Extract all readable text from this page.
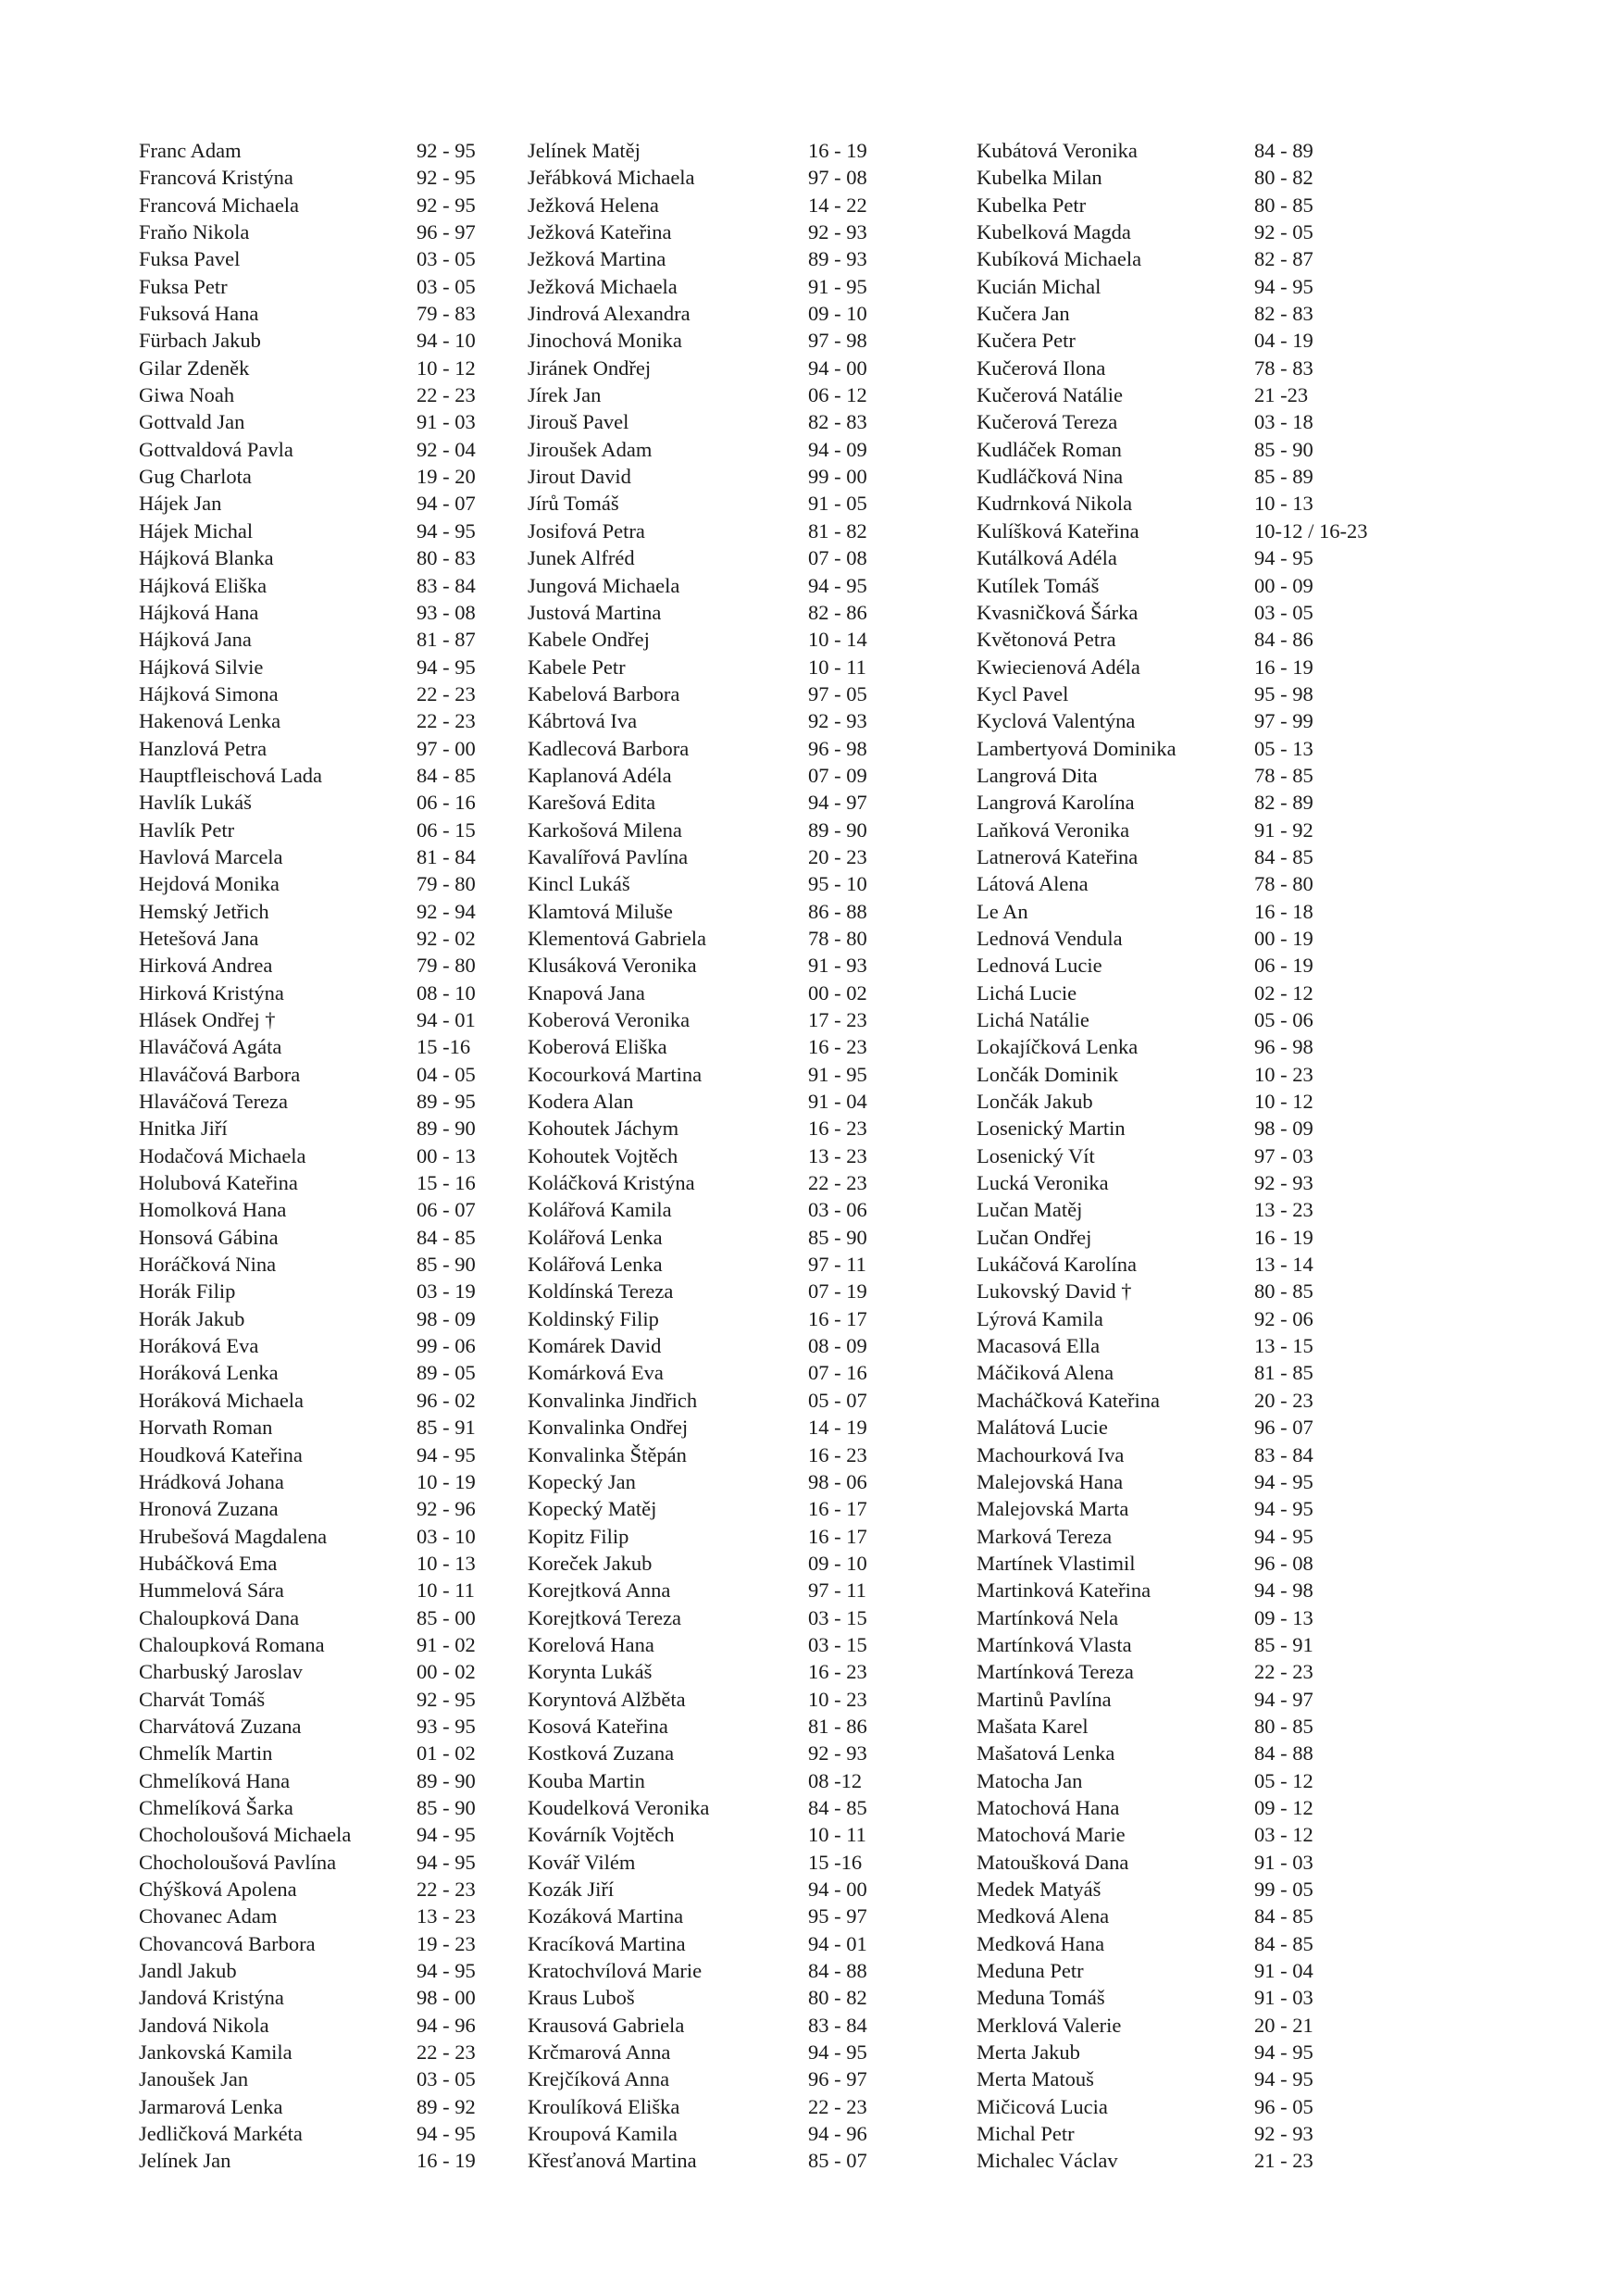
Franc Adam	92 - 95
Francová Kristýna	92 - 95
Francová Michaela	92 - 95
Fraňo Nikola	96 - 97
Fuksa Pavel	03 - 05
Fuksa Petr	03 - 05
Fuksová Hana	79 - 83
Fürbach Jakub	94 - 10
Gilar Zdeněk	10 - 12
Giwa Noah	22 - 23
Gottvald Jan	91 - 03
Gottvaldová Pavla	92 - 04
Gug Charlota	19 - 20
Hájek Jan	94 - 07
Hájek Michal	94 - 95
Hájková Blanka	80 - 83
Hájková Eliška	83 - 84
Hájková Hana	93 - 08
Hájková Jana	81 - 87
Hájková Silvie	94 - 95
Hájková Simona	22 - 23
Hakenová Lenka	22 - 23
Hanzlová Petra	97 - 00
Hauptfleischová Lada	84 - 85
Havlík Lukáš	06 - 16
Havlík Petr	06 - 15
Havlová Marcela	81 - 84
Hejdová Monika	79 - 80
Hemský Jetřich	92 - 94
Hetešová Jana	92 - 02
Hirková Andrea	79 - 80
Hirková Kristýna	08 - 10
Hlásek Ondřej †	94 - 01
Hlaváčová Agáta	15 -16
Hlaváčová Barbora	04 - 05
Hlaváčová Tereza	89 - 95
Hnitka Jiří	89 - 90
Hodačová Michaela	00 - 13
Holubová Kateřina	15 - 16
Homolková Hana	06 - 07
Honsová Gábina	84 - 85
Horáčková Nina	85 - 90
Horák Filip	03 - 19
Horák Jakub	98 - 09
Horáková Eva	99 - 06
Horáková Lenka	89 - 05
Horáková Michaela	96 - 02
Horvath Roman	85 - 91
Houdková Kateřina	94 - 95
Hrádková Johana	10 - 19
Hronová Zuzana	92 - 96
Hrubešová Magdalena	03 - 10
Hubáčková Ema	10 - 13
Hummelová Sára	10 - 11
Chaloupková Dana	85 - 00
Chaloupková Romana	91 - 02
Charbuský Jaroslav	00 - 02
Charvát Tomáš	92 - 95
Charvátová Zuzana	93 - 95
Chmelík Martin	01 - 02
Chmelíková Hana	89 - 90
Chmelíková Šarka	85 - 90
Chocholoušová Michaela	94 - 95
Chocholoušová Pavlína	94 - 95
Chýšková Apolena	22 - 23
Chovanec Adam	13 - 23
Chovancová Barbora	19 - 23
Jandl Jakub	94 - 95
Jandová Kristýna	98 - 00
Jandová Nikola	94 - 96
Jankovská Kamila	22 - 23
Janoušek Jan	03 - 05
Jarmarová Lenka	89 - 92
Jedličková Markéta	94 - 95
Jelínek Jan	16 - 19
Jelínek Matěj	16 - 19
Jeřábková Michaela	97 - 08
Ježková Helena	14 - 22
Ježková Kateřina	92 - 93
Ježková Martina	89 - 93
Ježková Michaela	91 - 95
Jindrová Alexandra	09 - 10
Jinochová Monika	97 - 98
Jiránek Ondřej	94 - 00
Jírek Jan	06 - 12
Jirouš Pavel	82 - 83
Jiroušek Adam	94 - 09
Jirout David	99 - 00
Jírů Tomáš	91 - 05
Josifová Petra	81 - 82
Junek Alfréd	07 - 08
Jungová Michaela	94 - 95
Justová Martina	82 - 86
Kabele Ondřej	10 - 14
Kabele Petr	10 - 11
Kabelová Barbora	97 - 05
Kábrtová Iva	92 - 93
Kadlecová Barbora	96 - 98
Kaplanová Adéla	07 - 09
Karešová Edita	94 - 97
Karkošová Milena	89 - 90
Kavalířová Pavlína	20 - 23
Kincl Lukáš	95 - 10
Klamtová Miluše	86 - 88
Klementová Gabriela	78 - 80
Klusáková Veronika	91 - 93
Knapová Jana	00 - 02
Koberová Veronika	17 - 23
Koberová Eliška	16 - 23
Kocourková Martina	91 - 95
Kodera Alan	91 - 04
Kohoutek Jáchym	16 - 23
Kohoutek Vojtěch	13 - 23
Koláčková Kristýna	22 - 23
Kolářová Kamila	03 - 06
Kolářová Lenka	85 - 90
Kolářová Lenka	97 - 11
Koldínská Tereza	07 - 19
Koldinský Filip	16 - 17
Komárek David	08 - 09
Komárková Eva	07 - 16
Konvalinka Jindřich	05 - 07
Konvalinka Ondřej	14 - 19
Konvalinka Štěpán	16 - 23
Kopecký Jan	98 - 06
Kopecký Matěj	16 - 17
Kopitz Filip	16 - 17
Koreček Jakub	09 - 10
Korejtková Anna	97 - 11
Korejtková Tereza	03 - 15
Korelová Hana	03 - 15
Korynta Lukáš	16 - 23
Koryntová Alžběta	10 - 23
Kosová Kateřina	81 - 86
Kostková Zuzana	92 - 93
Kouba Martin	08 -12
Koudelková Veronika	84 - 85
Kovárník Vojtěch	10 - 11
Kovář Vilém	15 -16
Kozák Jiří	94 - 00
Kozáková Martina	95 - 97
Kracíková Martina	94 - 01
Kratochvílová Marie	84 - 88
Kraus Luboš	80 - 82
Krausová Gabriela	83 - 84
Krčmarová Anna	94 - 95
Krejčíková Anna	96 - 97
Kroulíková Eliška	22 - 23
Kroupová Kamila	94 - 96
Křesťanová Martina	85 - 07
Kubátová Veronika	84 - 89
Kubelka Milan	80 - 82
Kubelka Petr	80 - 85
Kubelková Magda	92 - 05
Kubíková Michaela	82 - 87
Kucián Michal	94 - 95
Kučera Jan	82 - 83
Kučera Petr	04 - 19
Kučerová Ilona	78 - 83
Kučerová Natálie	21 -23
Kučerová Tereza	03 - 18
Kudláček Roman	85 - 90
Kudláčková Nina	85 - 89
Kudrnková Nikola	10 - 13
Kulíšková Kateřina	10-12 / 16-23
Kutálková Adéla	94 - 95
Kutílek Tomáš	00 - 09
Kvasničková Šárka	03 - 05
Květonová Petra	84 - 86
Kwiecienová Adéla	16 - 19
Kycl Pavel	95 - 98
Kyclová Valentýna	97 - 99
Lambertyová Dominika	05 - 13
Langrová Dita	78 - 85
Langrová Karolína	82 - 89
Laňková Veronika	91 - 92
Latnerová Kateřina	84 - 85
Látová Alena	78 - 80
Le An	16 - 18
Lednová Vendula	00 - 19
Lednová Lucie	06 - 19
Lichá Lucie	02 - 12
Lichá Natálie	05 - 06
Lokajíčková Lenka	96 - 98
Lončák Dominik	10 - 23
Lončák Jakub	10 - 12
Losenický Martin	98 - 09
Losenický Vít	97 - 03
Lucká Veronika	92 - 93
Lučan Matěj	13 - 23
Lučan Ondřej	16 - 19
Lukáčová Karolína	13 - 14
Lukovský David †	80 - 85
Lýrová Kamila	92 - 06
Macasová Ella	13 - 15
Máčiková Alena	81 - 85
Macháčková Kateřina	20 - 23
Malátová Lucie	96 - 07
Machourková Iva	83 - 84
Malejovská Hana	94 - 95
Malejovská Marta	94 - 95
Marková Tereza	94 - 95
Martínek Vlastimil	96 - 08
Martinková Kateřina	94 - 98
Martínková Nela	09 - 13
Martínková Vlasta	85 - 91
Martínková Tereza	22 - 23
Martinů Pavlína	94 - 97
Mašata Karel	80 - 85
Mašatová Lenka	84 - 88
Matocha Jan	05 - 12
Matochová Hana	09 - 12
Matochová Marie	03 - 12
Matoušková Dana	91 - 03
Medek Matyáš	99 - 05
Medková Alena	84 - 85
Medková Hana	84 - 85
Meduna Petr	91 - 04
Meduna Tomáš	91 - 03
Merklová Valerie	20 - 21
Merta Jakub	94 - 95
Merta Matouš	94 - 95
Mičicová Lucia	96 - 05
Michal Petr	92 - 93
Michalec Václav	21 - 23
